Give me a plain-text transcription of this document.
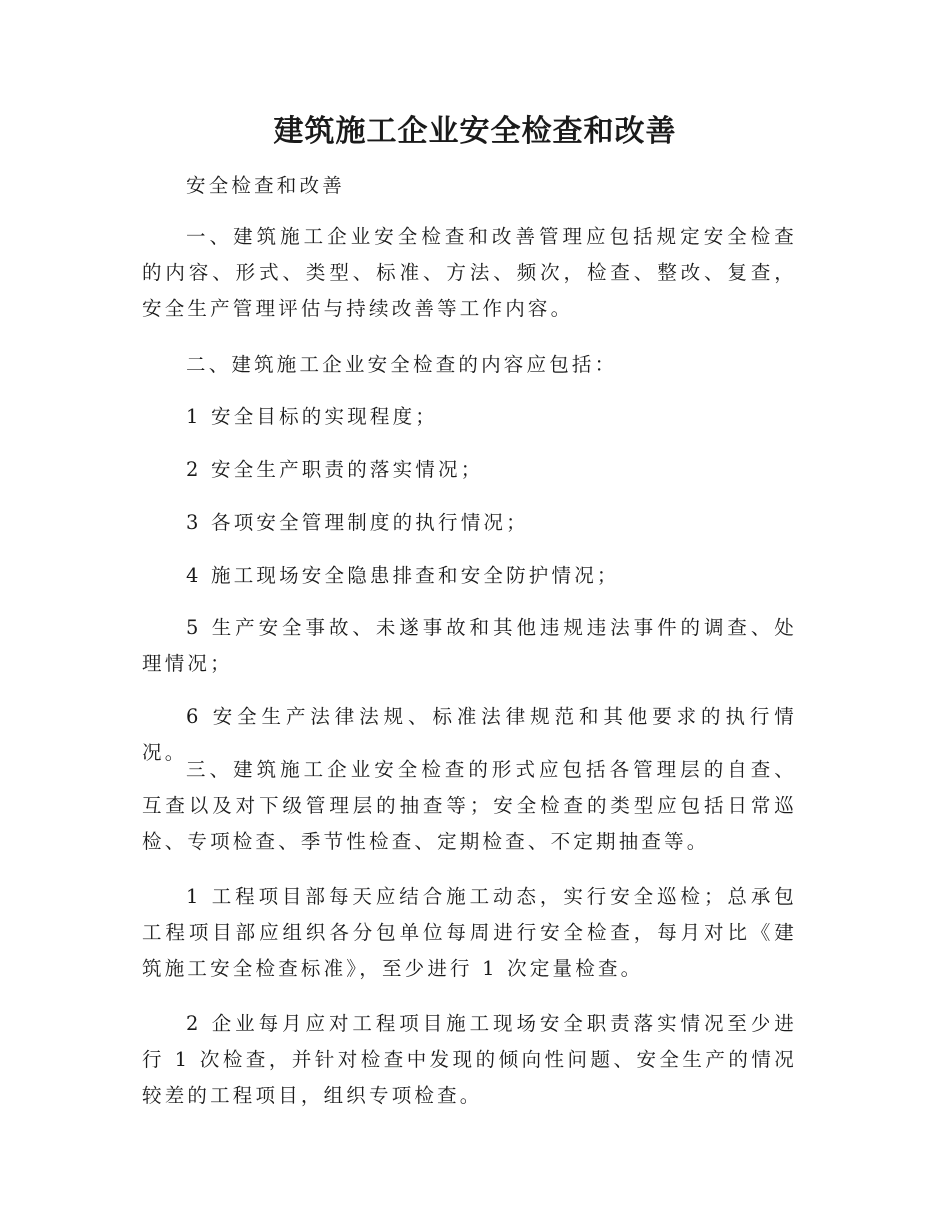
建筑施工企业安全检查和改善

安全检查和改善

一、建筑施工企业安全检查和改善管理应包括规定安全检查的内容、形式、类型、标准、方法、频次，检查、整改、复查，安全生产管理评估与持续改善等工作内容。

二、建筑施工企业安全检查的内容应包括：

1 安全目标的实现程度；

2 安全生产职责的落实情况；

3 各项安全管理制度的执行情况；

4 施工现场安全隐患排查和安全防护情况；

5 生产安全事故、未遂事故和其他违规违法事件的调查、处理情况；

6 安全生产法律法规、标准法律规范和其他要求的执行情况。

三、建筑施工企业安全检查的形式应包括各管理层的自查、互查以及对下级管理层的抽查等；安全检查的类型应包括日常巡检、专项检查、季节性检查、定期检查、不定期抽查等。

1 工程项目部每天应结合施工动态，实行安全巡检；总承包工程项目部应组织各分包单位每周进行安全检查，每月对比《建筑施工安全检查标准》，至少进行 1 次定量检查。

2 企业每月应对工程项目施工现场安全职责落实情况至少进行 1 次检查，并针对检查中发现的倾向性问题、安全生产的情况较差的工程项目，组织专项检查。
